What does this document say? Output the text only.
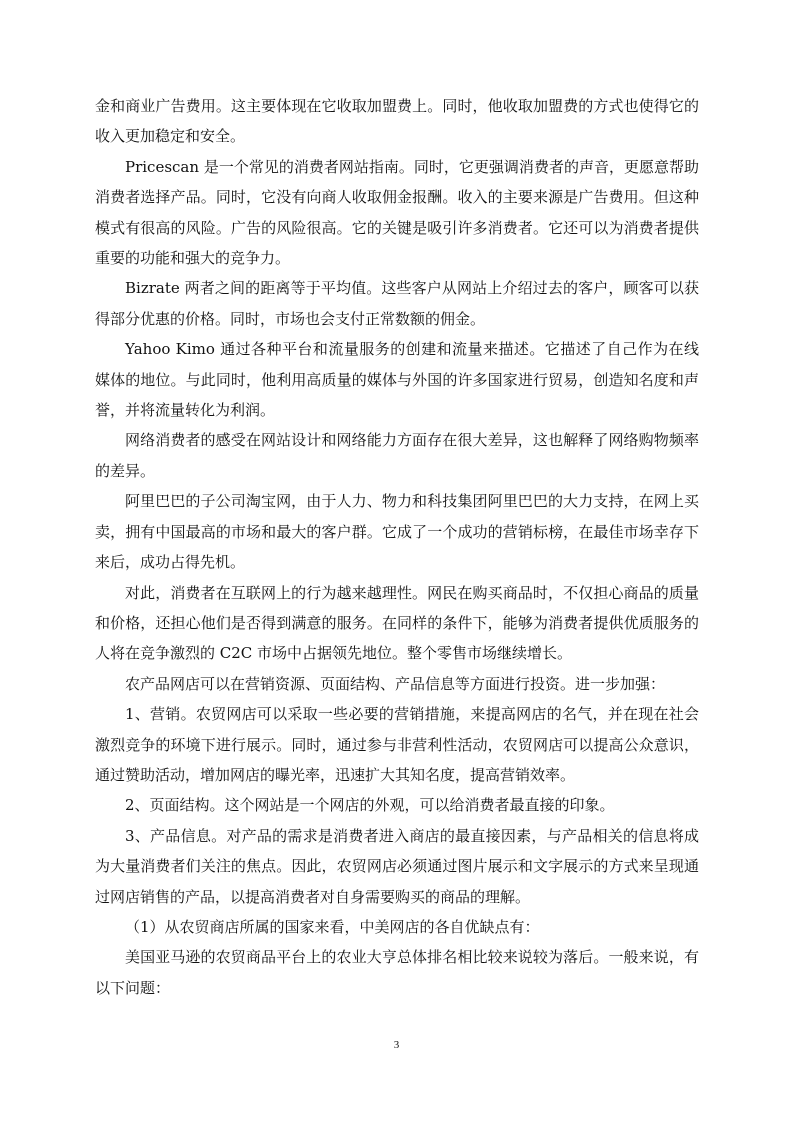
金和商业广告费用。这主要体现在它收取加盟费上。同时，他收取加盟费的方式也使得它的收入更加稳定和安全。

Pricescan 是一个常见的消费者网站指南。同时，它更强调消费者的声音，更愿意帮助消费者选择产品。同时，它没有向商人收取佣金报酬。收入的主要来源是广告费用。但这种模式有很高的风险。广告的风险很高。它的关键是吸引许多消费者。它还可以为消费者提供重要的功能和强大的竞争力。

Bizrate 两者之间的距离等于平均值。这些客户从网站上介绍过去的客户，顾客可以获得部分优惠的价格。同时，市场也会支付正常数额的佣金。

Yahoo Kimo 通过各种平台和流量服务的创建和流量来描述。它描述了自己作为在线媒体的地位。与此同时，他利用高质量的媒体与外国的许多国家进行贸易，创造知名度和声誉，并将流量转化为利润。

网络消费者的感受在网站设计和网络能力方面存在很大差异，这也解释了网络购物频率的差异。

阿里巴巴的子公司淘宝网，由于人力、物力和科技集团阿里巴巴的大力支持，在网上买卖，拥有中国最高的市场和最大的客户群。它成了一个成功的营销标榜，在最佳市场幸存下来后，成功占得先机。

对此，消费者在互联网上的行为越来越理性。网民在购买商品时，不仅担心商品的质量和价格，还担心他们是否得到满意的服务。在同样的条件下，能够为消费者提供优质服务的人将在竞争激烈的 C2C 市场中占据领先地位。整个零售市场继续增长。

农产品网店可以在营销资源、页面结构、产品信息等方面进行投资。进一步加强：

1、营销。农贸网店可以采取一些必要的营销措施，来提高网店的名气，并在现在社会激烈竞争的环境下进行展示。同时，通过参与非营利性活动，农贸网店可以提高公众意识，通过赞助活动，增加网店的曝光率，迅速扩大其知名度，提高营销效率。

2、页面结构。这个网站是一个网店的外观，可以给消费者最直接的印象。

3、产品信息。对产品的需求是消费者进入商店的最直接因素，与产品相关的信息将成为大量消费者们关注的焦点。因此，农贸网店必须通过图片展示和文字展示的方式来呈现通过网店销售的产品，以提高消费者对自身需要购买的商品的理解。

（1）从农贸商店所属的国家来看，中美网店的各自优缺点有：

美国亚马逊的农贸商品平台上的农业大亨总体排名相比较来说较为落后。一般来说，有以下问题：

3
